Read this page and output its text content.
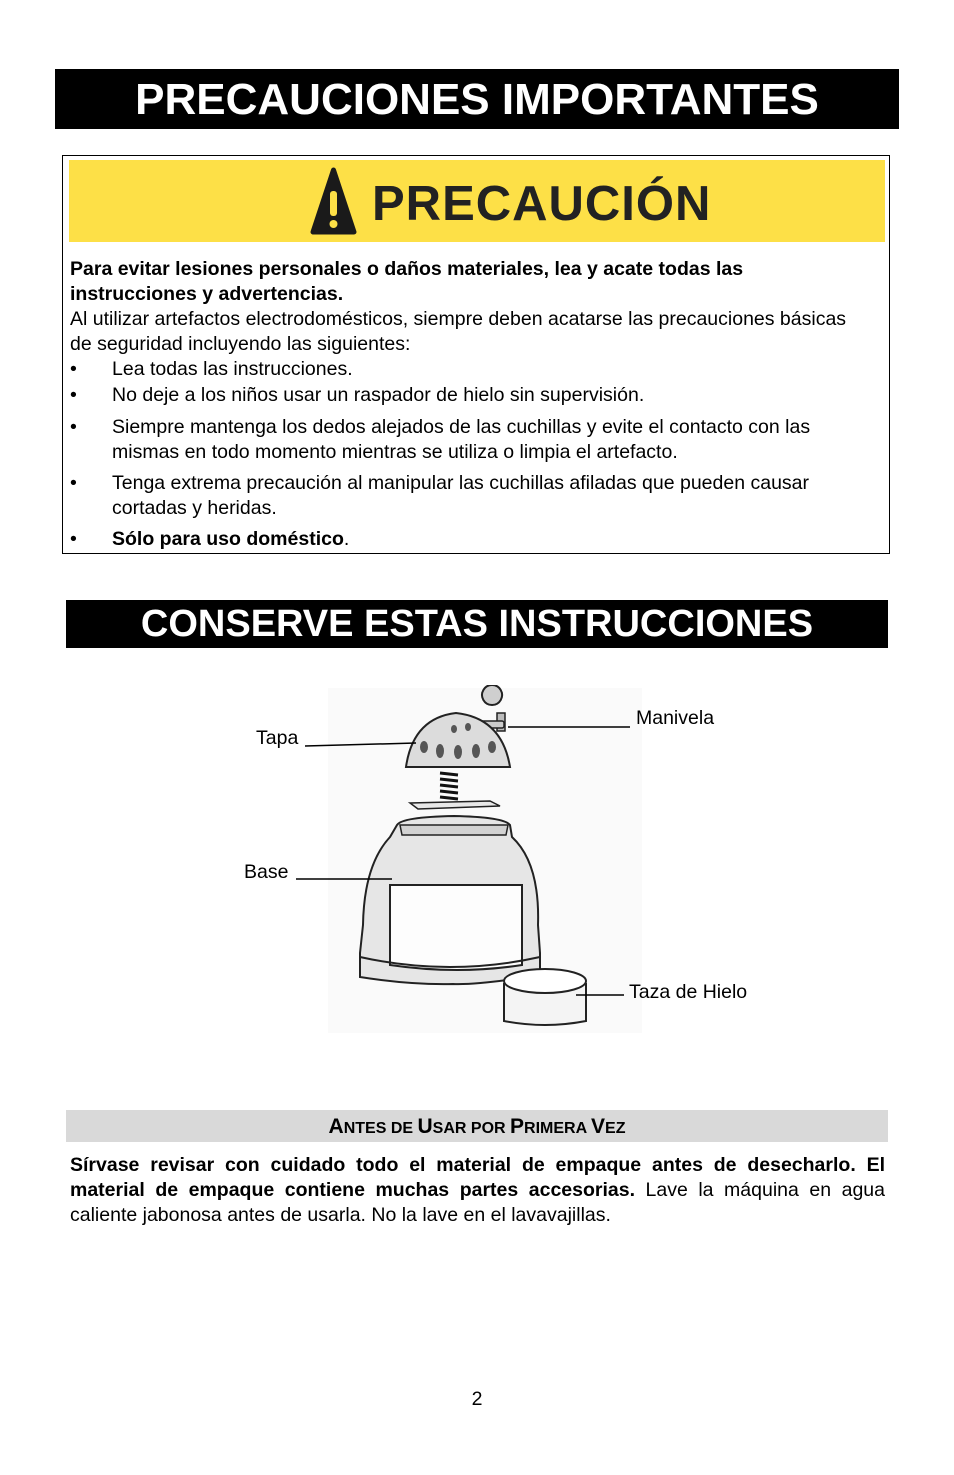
PRECAUCIONES IMPORTANTES
PRECAUCIÓN
Para evitar lesiones personales o daños materiales, lea y acate todas las instrucciones y advertencias.
Al utilizar artefactos electrodomésticos, siempre deben acatarse las precauciones básicas de seguridad incluyendo las siguientes:
• Lea todas las instrucciones.
• No deje a los niños usar un raspador de hielo sin supervisión.
• Siempre mantenga los dedos alejados de las cuchillas y evite el contacto con las mismas en todo momento mientras se utiliza o limpia el artefacto.
• Tenga extrema precaución al manipular las cuchillas afiladas que pueden causar cortadas y heridas.
• Sólo para uso doméstico.
CONSERVE ESTAS INSTRUCCIONES
Manivela
Tapa
Base
Taza de Hielo
ANTES DE USAR POR PRIMERA VEZ
Sírvase revisar con cuidado todo el material de empaque antes de desecharlo. El material de empaque contiene muchas partes accesorias. Lave la máquina en agua caliente jabonosa antes de usarla. No la lave en el lavavajillas.
2
